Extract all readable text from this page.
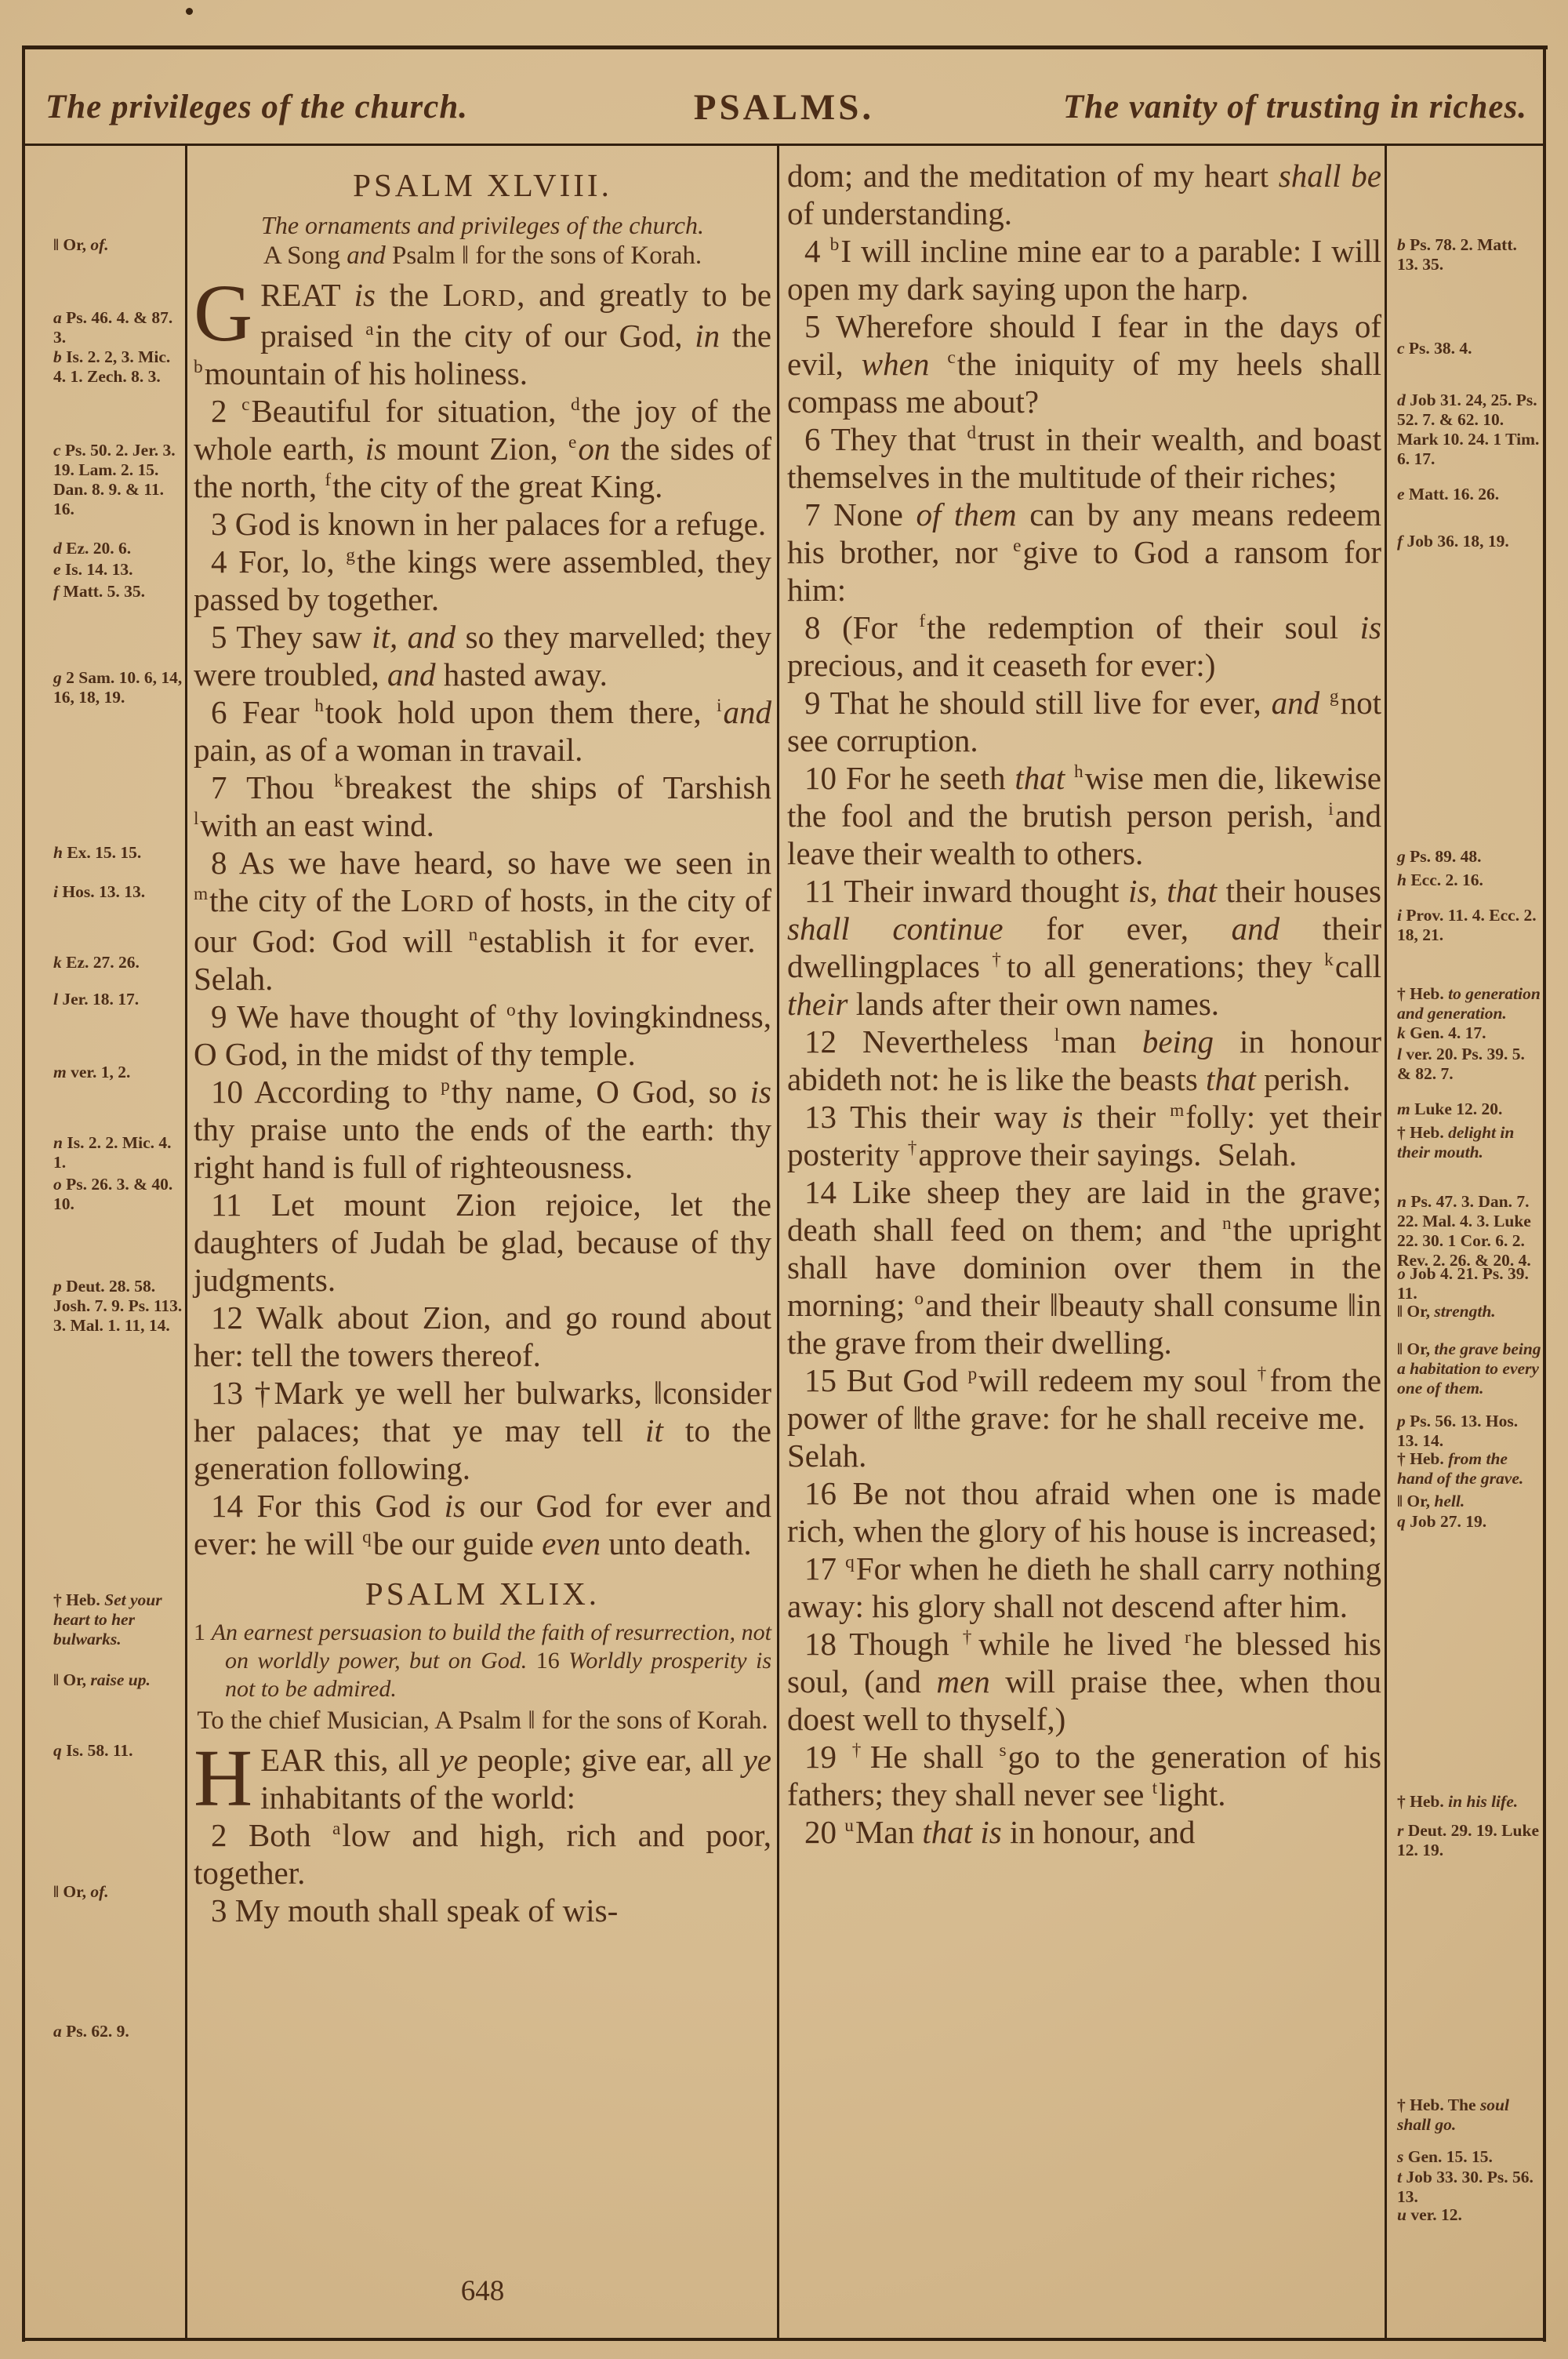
The privileges of the church.	PSALMS.	The vanity of trusting in riches.
‖ Or, of.
a Ps. 46. 4. & 87. 3.
b Is. 2. 2, 3. Mic. 4. 1. Zech. 8. 3.
c Ps. 50. 2. Jer. 3. 19. Lam. 2. 15. Dan. 8. 9. & 11. 16.
d Ez. 20. 6.
e Is. 14. 13.
f Matt. 5. 35.
g 2 Sam. 10. 6, 14, 16, 18, 19.
h Ex. 15. 15.
i Hos. 13. 13.
k Ez. 27. 26.
l Jer. 18. 17.
m ver. 1, 2.
n Is. 2. 2. Mic. 4. 1.
o Ps. 26. 3. & 40. 10.
p Deut. 28. 58. Josh. 7. 9. Ps. 113. 3. Mal. 1. 11, 14.
† Heb. Set your heart to her bulwarks.
‖ Or, raise up.
q Is. 58. 11.
‖ Or, of.
a Ps. 62. 9.
b Ps. 78. 2. Matt. 13. 35.
c Ps. 38. 4.
d Job 31. 24, 25. Ps. 52. 7. & 62. 10. Mark 10. 24. 1 Tim. 6. 17.
e Matt. 16. 26.
f Job 36. 18, 19.
g Ps. 89. 48.
h Ecc. 2. 16.
i Prov. 11. 4. Ecc. 2. 18, 21.
† Heb. to generation and generation.
k Gen. 4. 17.
l ver. 20. Ps. 39. 5. & 82. 7.
m Luke 12. 20.
† Heb. delight in their mouth.
n Ps. 47. 3. Dan. 7. 22. Mal. 4. 3. Luke 22. 30. 1 Cor. 6. 2. Rev. 2. 26. & 20. 4.
o Job 4. 21. Ps. 39. 11.
‖ Or, strength.
‖ Or, the grave being a habitation to every one of them.
p Ps. 56. 13. Hos. 13. 14.
† Heb. from the hand of the grave.
‖ Or, hell.
q Job 27. 19.
† Heb. in his life.
r Deut. 29. 19. Luke 12. 19.
† Heb. The soul shall go.
s Gen. 15. 15.
t Job 33. 30. Ps. 56. 13.
u ver. 12.

PSALM XLVIII.

The ornaments and privileges of the church.

A Song and Psalm ‖ for the sons of Korah.

GREAT is the LORD, and greatly to be praised $^a$in the city of our God, in the $^b$mountain of his holiness.

2 $^c$Beautiful for situation, $^d$the joy of the whole earth, is mount Zion, $^e$on the sides of the north, $^f$the city of the great King.

3 God is known in her palaces for a refuge.

4 For, lo, $^g$the kings were assembled, they passed by together.

5 They saw it, and so they marvelled; they were troubled, and hasted away.

6 Fear $^h$took hold upon them there, $^i$and pain, as of a woman in travail.

7 Thou $^k$breakest the ships of Tarshish $^l$with an east wind.

8 As we have heard, so have we seen in $^m$the city of the LORD of hosts, in the city of our God: God will $^n$establish it for ever. Selah.

9 We have thought of $^o$thy lovingkindness, O God, in the midst of thy temple.

10 According to $^p$thy name, O God, so is thy praise unto the ends of the earth: thy right hand is full of righteousness.

11 Let mount Zion rejoice, let the daughters of Judah be glad, because of thy judgments.

12 Walk about Zion, and go round about her: tell the towers thereof.

13 †Mark ye well her bulwarks, ‖consider her palaces; that ye may tell it to the generation following.

14 For this God is our God for ever and ever: he will $^q$be our guide even unto death.

PSALM XLIX.

1 An earnest persuasion to build the faith of resurrection, not on worldly power, but on God. 16 Worldly prosperity is not to be admired.

To the chief Musician, A Psalm ‖ for the sons of Korah.

HEAR this, all ye people; give ear, all ye inhabitants of the world:

2 Both $^a$low and high, rich and poor, together.

3 My mouth shall speak of wis-

dom; and the meditation of my heart shall be of understanding.

4 $^b$I will incline mine ear to a parable: I will open my dark saying upon the harp.

5 Wherefore should I fear in the days of evil, when $^c$the iniquity of my heels shall compass me about?

6 They that $^d$trust in their wealth, and boast themselves in the multitude of their riches;

7 None of them can by any means redeem his brother, nor $^e$give to God a ransom for him:

8 (For $^f$the redemption of their soul is precious, and it ceaseth for ever:)

9 That he should still live for ever, and $^g$not see corruption.

10 For he seeth that $^h$wise men die, likewise the fool and the brutish person perish, $^i$and leave their wealth to others.

11 Their inward thought is, that their houses shall continue for ever, and their dwellingplaces †to all generations; they $^k$call their lands after their own names.

12 Nevertheless $^l$man being in honour abideth not: he is like the beasts that perish.

13 This their way is their $^m$folly: yet their posterity †approve their sayings. Selah.

14 Like sheep they are laid in the grave; death shall feed on them; and $^n$the upright shall have dominion over them in the morning; $^o$and their ‖beauty shall consume ‖in the grave from their dwelling.

15 But God $^p$will redeem my soul †from the power of ‖the grave: for he shall receive me. Selah.

16 Be not thou afraid when one is made rich, when the glory of his house is increased;

17 $^q$For when he dieth he shall carry nothing away: his glory shall not descend after him.

18 Though †while he lived $^r$he blessed his soul, (and men will praise thee, when thou doest well to thyself,)

19 †He shall $^s$go to the generation of his fathers; they shall never see $^t$light.

20 $^u$Man that is in honour, and

648
